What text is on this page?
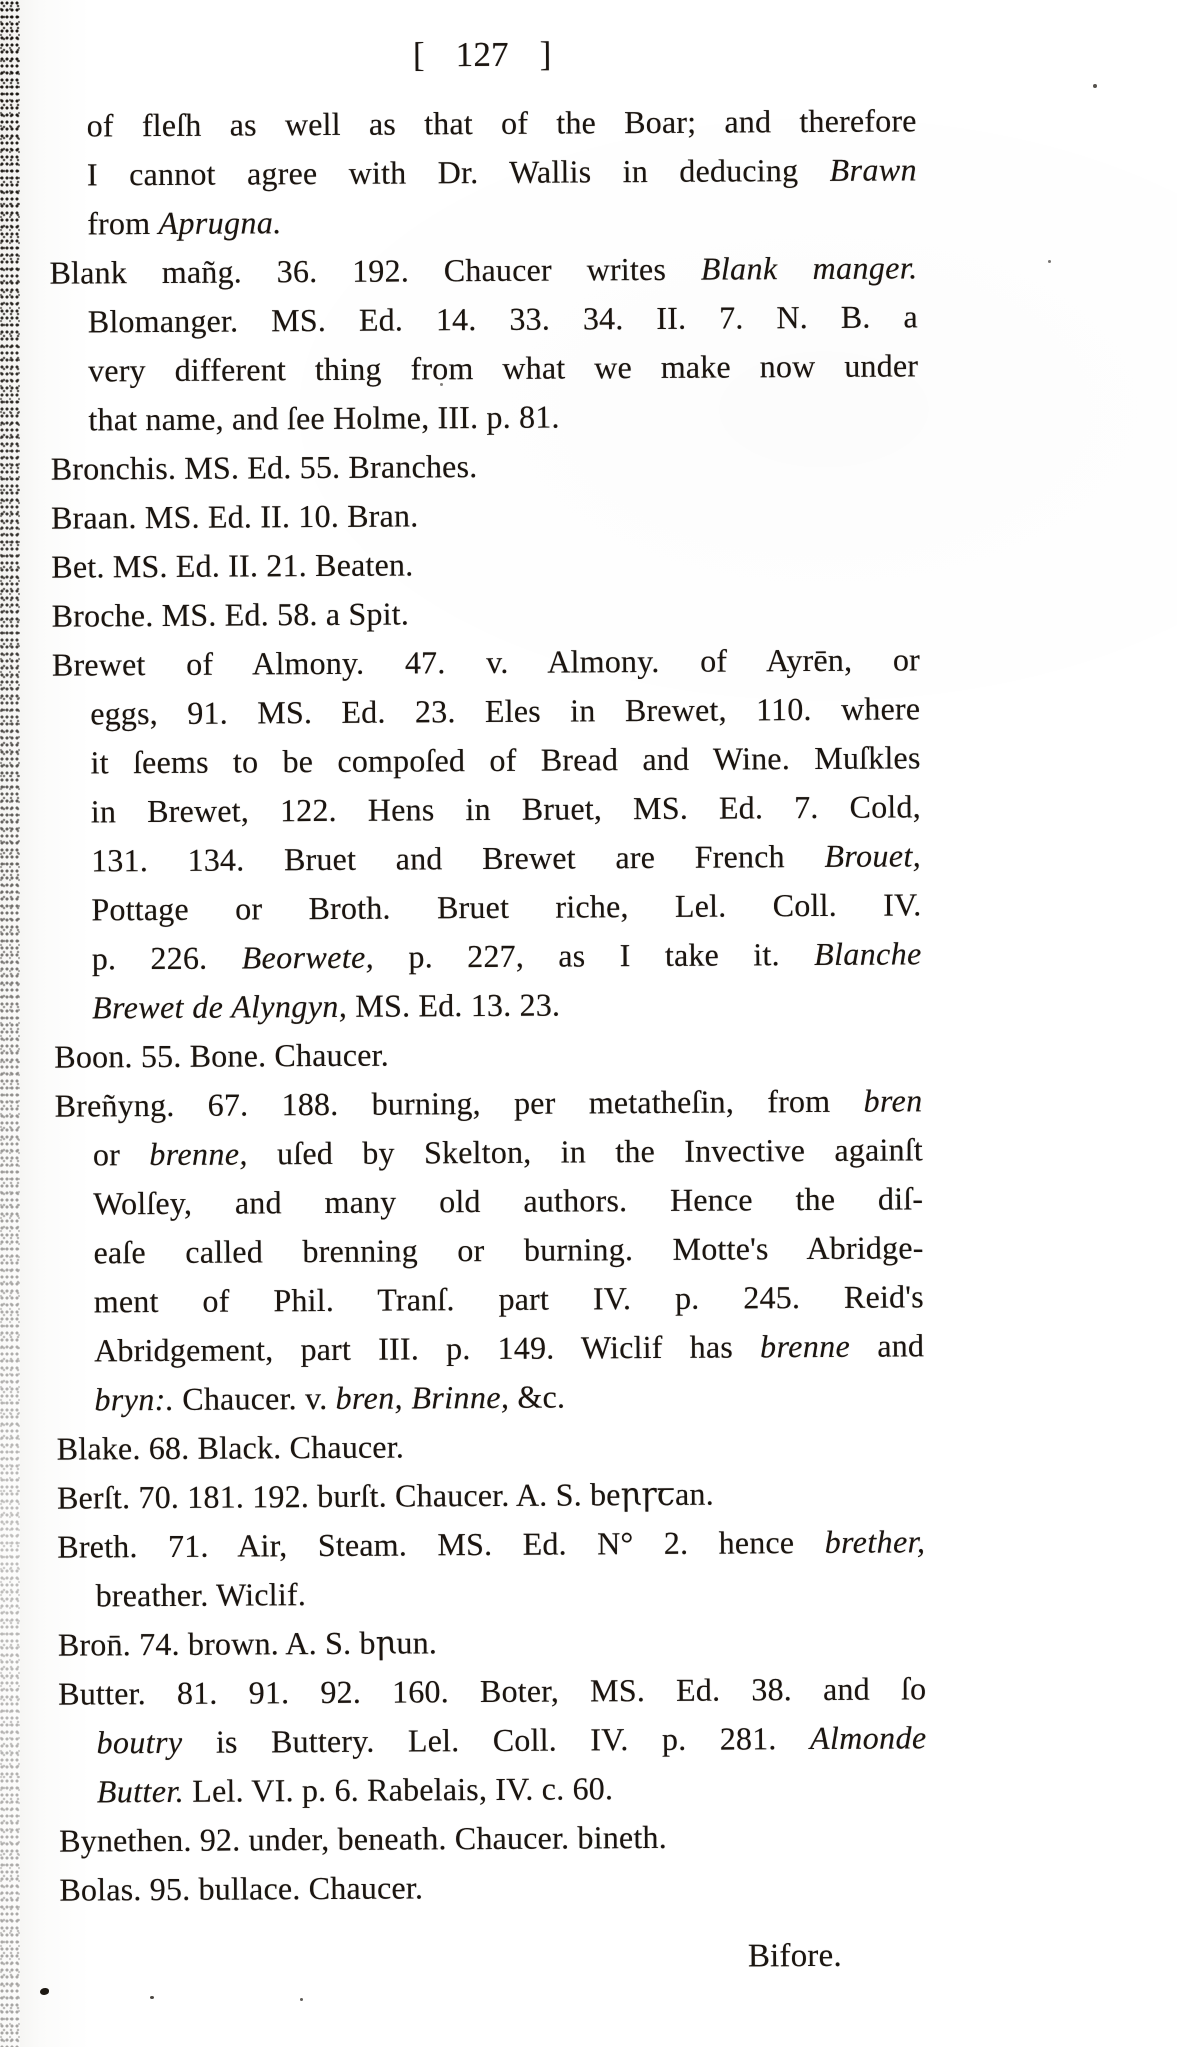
[ 127 ]
of fleſh as well as that of the Boar; and therefore
I cannot agree with Dr. Wallis in deducing Brawn
from Aprugna.
Blank mañg. 36. 192. Chaucer writes Blank manger.
Blomanger. MS. Ed. 14. 33. 34. II. 7. N. B. a
very different thing from what we make now under
that name, and ſee Holme, III. p. 81.
Bronchis. MS. Ed. 55. Branches.
Braan. MS. Ed. II. 10. Bran.
Bet. MS. Ed. II. 21. Beaten.
Broche. MS. Ed. 58. a Spit.
Brewet of Almony. 47. v. Almony. of Ayrēn, or
eggs, 91. MS. Ed. 23. Eles in Brewet, 110. where
it ſeems to be compoſed of Bread and Wine. Muſkles
in Brewet, 122. Hens in Bruet, MS. Ed. 7. Cold,
131. 134. Bruet and Brewet are French Brouet,
Pottage or Broth. Bruet riche, Lel. Coll. IV.
p. 226. Beorwete, p. 227, as I take it. Blanche
Brewet de Alyngyn, MS. Ed. 13. 23.
Boon. 55. Bone. Chaucer.
Breñyng. 67. 188. burning, per metatheſin, from bren
or brenne, uſed by Skelton, in the Invective againſt
Wolſey, and many old authors. Hence the diſ-
eaſe called brenning or burning. Motte's Abridge-
ment of Phil. Tranſ. part IV. p. 245. Reid's
Abridgement, part III. p. 149. Wiclif has brenne and
bryn:. Chaucer. v. bren, Brinne, &c.
Blake. 68. Black. Chaucer.
Berſt. 70. 181. 192. burſt. Chaucer. A. S. beꞃꞅꞇan.
Breth. 71. Air, Steam. MS. Ed. N° 2. hence brether,
breather. Wiclif.
Bron̄. 74. brown. A. S. bꞃun.
Butter. 81. 91. 92. 160. Boter, MS. Ed. 38. and ſo
boutry is Buttery. Lel. Coll. IV. p. 281. Almonde
Butter. Lel. VI. p. 6. Rabelais, IV. c. 60.
Bynethen. 92. under, beneath. Chaucer. bineth.
Bolas. 95. bullace. Chaucer.
Bifore.
